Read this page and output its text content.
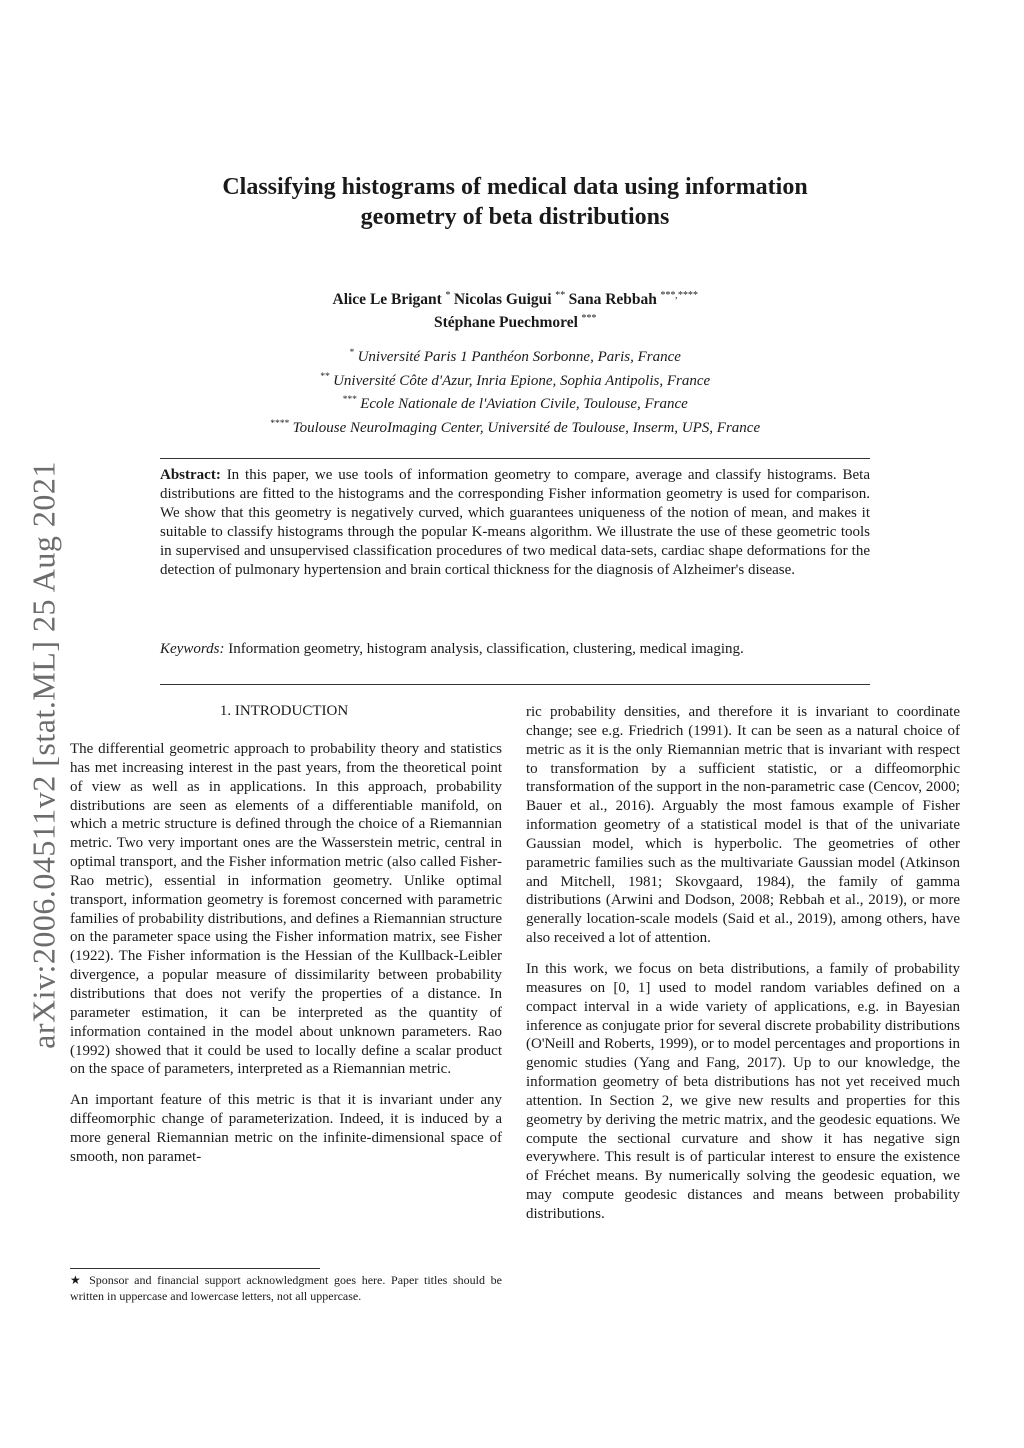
arXiv:2006.04511v2 [stat.ML] 25 Aug 2021
Classifying histograms of medical data using information geometry of beta distributions
Alice Le Brigant  * Nicolas Guigui  ** Sana Rebbah  ***,****
Stéphane Puechmorel  ***
* Université Paris 1 Panthéon Sorbonne, Paris, France
** Université Côte d'Azur, Inria Epione, Sophia Antipolis, France
*** Ecole Nationale de l'Aviation Civile, Toulouse, France
**** Toulouse NeuroImaging Center, Université de Toulouse, Inserm, UPS, France
Abstract: In this paper, we use tools of information geometry to compare, average and classify histograms. Beta distributions are fitted to the histograms and the corresponding Fisher information geometry is used for comparison. We show that this geometry is negatively curved, which guarantees uniqueness of the notion of mean, and makes it suitable to classify histograms through the popular K-means algorithm. We illustrate the use of these geometric tools in supervised and unsupervised classification procedures of two medical data-sets, cardiac shape deformations for the detection of pulmonary hypertension and brain cortical thickness for the diagnosis of Alzheimer's disease.
Keywords: Information geometry, histogram analysis, classification, clustering, medical imaging.
1. INTRODUCTION

The differential geometric approach to probability theory and statistics has met increasing interest in the past years, from the theoretical point of view as well as in applications. In this approach, probability distributions are seen as elements of a differentiable manifold, on which a metric structure is defined through the choice of a Riemannian metric. Two very important ones are the Wasserstein metric, central in optimal transport, and the Fisher information metric (also called Fisher-Rao metric), essential in information geometry. Unlike optimal transport, information geometry is foremost concerned with parametric families of probability distributions, and defines a Riemannian structure on the parameter space using the Fisher information matrix, see Fisher (1922). The Fisher information is the Hessian of the Kullback-Leibler divergence, a popular measure of dissimilarity between probability distributions that does not verify the properties of a distance. In parameter estimation, it can be interpreted as the quantity of information contained in the model about unknown parameters. Rao (1992) showed that it could be used to locally define a scalar product on the space of parameters, interpreted as a Riemannian metric.

An important feature of this metric is that it is invariant under any diffeomorphic change of parameterization. Indeed, it is induced by a more general Riemannian metric on the infinite-dimensional space of smooth, non paramet-

★ Sponsor and financial support acknowledgment goes here. Paper titles should be written in uppercase and lowercase letters, not all uppercase.

ric probability densities, and therefore it is invariant to coordinate change; see e.g. Friedrich (1991). It can be seen as a natural choice of metric as it is the only Riemannian metric that is invariant with respect to transformation by a sufficient statistic, or a diffeomorphic transformation of the support in the non-parametric case (Cencov, 2000; Bauer et al., 2016). Arguably the most famous example of Fisher information geometry of a statistical model is that of the univariate Gaussian model, which is hyperbolic. The geometries of other parametric families such as the multivariate Gaussian model (Atkinson and Mitchell, 1981; Skovgaard, 1984), the family of gamma distributions (Arwini and Dodson, 2008; Rebbah et al., 2019), or more generally location-scale models (Said et al., 2019), among others, have also received a lot of attention.

In this work, we focus on beta distributions, a family of probability measures on [0, 1] used to model random variables defined on a compact interval in a wide variety of applications, e.g. in Bayesian inference as conjugate prior for several discrete probability distributions (O'Neill and Roberts, 1999), or to model percentages and proportions in genomic studies (Yang and Fang, 2017). Up to our knowledge, the information geometry of beta distributions has not yet received much attention. In Section 2, we give new results and properties for this geometry by deriving the metric matrix, and the geodesic equations. We compute the sectional curvature and show it has negative sign everywhere. This result is of particular interest to ensure the existence of Fréchet means. By numerically solving the geodesic equation, we may compute geodesic distances and means between probability distributions.
